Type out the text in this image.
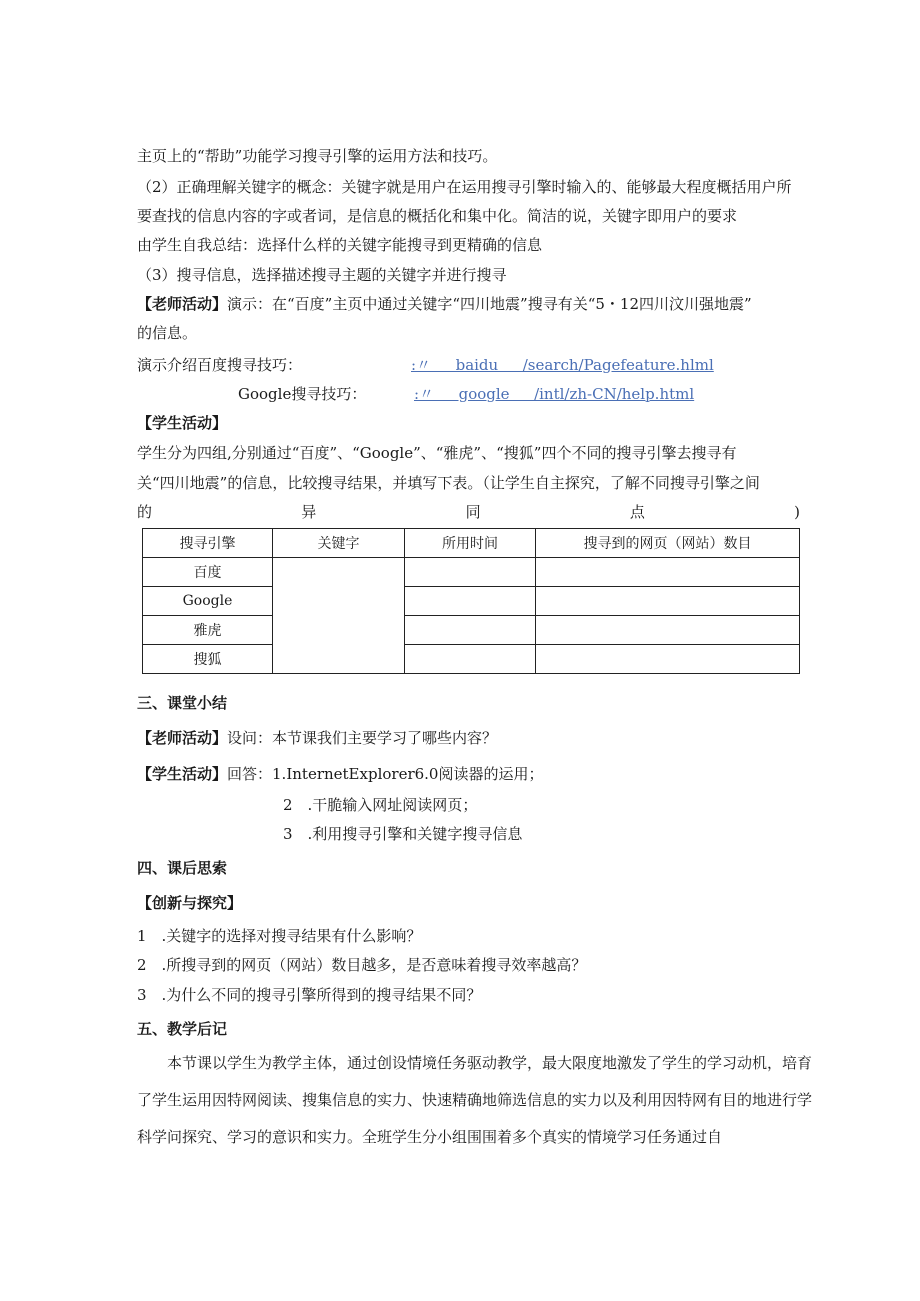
主页上的“帮助”功能学习搜寻引擎的运用方法和技巧。
（2）正确理解关键字的概念：关键字就是用户在运用搜寻引擎时输入的、能够最大程度概括用户所
要查找的信息内容的字或者词，是信息的概括化和集中化。简洁的说，关键字即用户的要求
由学生自我总结：选择什么样的关键字能搜寻到更精确的信息
（3）搜寻信息，选择描述搜寻主题的关键字并进行搜寻
【老师活动】演示：在“百度”主页中通过关键字“四川地震”搜寻有关“5・12四川汶川强地震”
的信息。
演示介绍百度搜寻技巧：	:〃 　 baidu 　 /search/Pagefeature.hlml
Google搜寻技巧：	:〃 　 google 　 /intl/zh-CN/help.html
【学生活动】
学生分为四组,分别通过“百度”、“Google”、“雅虎”、“搜狐”四个不同的搜寻引擎去搜寻有
关“四川地震”的信息，比较搜寻结果，并填写下表。（让学生自主探究，了解不同搜寻引擎之间
的	异	同	点	)
搜寻引擎	关键字	所用时间	搜寻到的网页（网站）数目
百度			
Google			
雅虎			
搜狐			
三、课堂小结
【老师活动】设问：本节课我们主要学习了哪些内容？
【学生活动】回答：1.InternetExplorer6.0阅读器的运用；
2　.干脆输入网址阅读网页；
3　.利用搜寻引擎和关键字搜寻信息
四、课后思索
【创新与探究】
1　.关键字的选择对搜寻结果有什么影响？
2　.所搜寻到的网页（网站）数目越多，是否意味着搜寻效率越高？
3　.为什么不同的搜寻引擎所得到的搜寻结果不同？
五、教学后记
本节课以学生为教学主体，通过创设情境任务驱动教学，最大限度地激发了学生的学习动机，培育了学生运用因特网阅读、搜集信息的实力、快速精确地筛选信息的实力以及利用因特网有目的地进行学科学问探究、学习的意识和实力。全班学生分小组围围着多个真实的情境学习任务通过自
